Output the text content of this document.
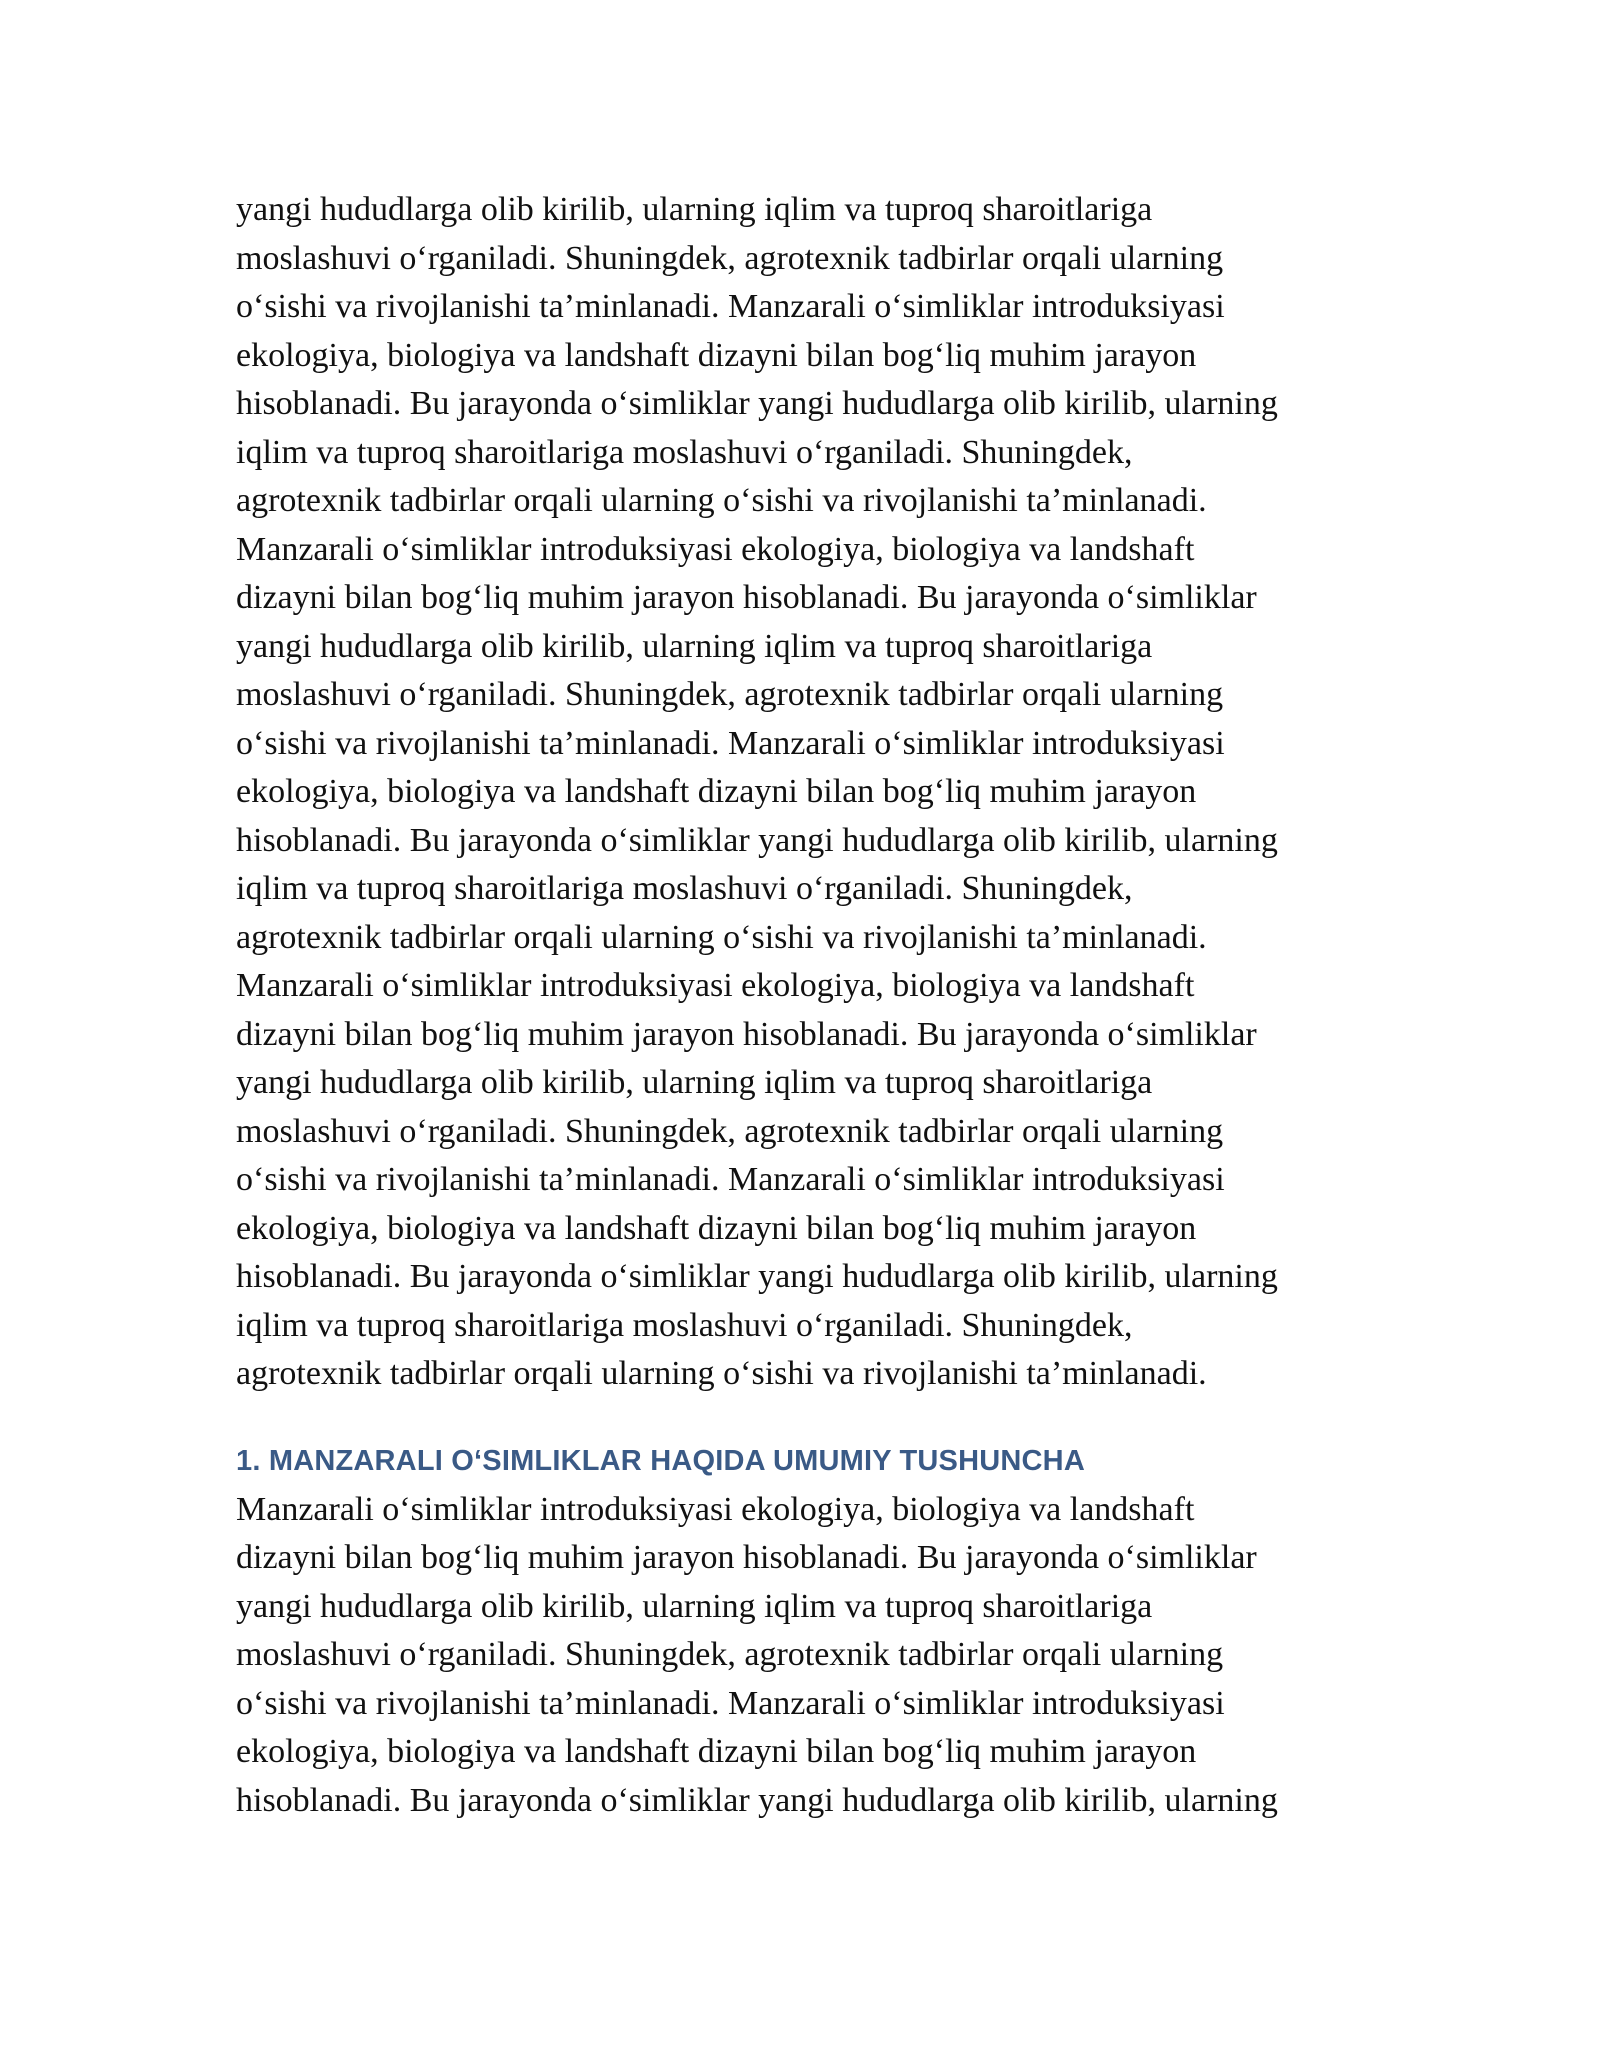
yangi hududlarga olib kirilib, ularning iqlim va tuproq sharoitlariga
moslashuvi o‘rganiladi. Shuningdek, agrotexnik tadbirlar orqali ularning
o‘sishi va rivojlanishi ta’minlanadi. Manzarali o‘simliklar introduksiyasi
ekologiya, biologiya va landshaft dizayni bilan bog‘liq muhim jarayon
hisoblanadi. Bu jarayonda o‘simliklar yangi hududlarga olib kirilib, ularning
iqlim va tuproq sharoitlariga moslashuvi o‘rganiladi. Shuningdek,
agrotexnik tadbirlar orqali ularning o‘sishi va rivojlanishi ta’minlanadi.
Manzarali o‘simliklar introduksiyasi ekologiya, biologiya va landshaft
dizayni bilan bog‘liq muhim jarayon hisoblanadi. Bu jarayonda o‘simliklar
yangi hududlarga olib kirilib, ularning iqlim va tuproq sharoitlariga
moslashuvi o‘rganiladi. Shuningdek, agrotexnik tadbirlar orqali ularning
o‘sishi va rivojlanishi ta’minlanadi. Manzarali o‘simliklar introduksiyasi
ekologiya, biologiya va landshaft dizayni bilan bog‘liq muhim jarayon
hisoblanadi. Bu jarayonda o‘simliklar yangi hududlarga olib kirilib, ularning
iqlim va tuproq sharoitlariga moslashuvi o‘rganiladi. Shuningdek,
agrotexnik tadbirlar orqali ularning o‘sishi va rivojlanishi ta’minlanadi.
Manzarali o‘simliklar introduksiyasi ekologiya, biologiya va landshaft
dizayni bilan bog‘liq muhim jarayon hisoblanadi. Bu jarayonda o‘simliklar
yangi hududlarga olib kirilib, ularning iqlim va tuproq sharoitlariga
moslashuvi o‘rganiladi. Shuningdek, agrotexnik tadbirlar orqali ularning
o‘sishi va rivojlanishi ta’minlanadi. Manzarali o‘simliklar introduksiyasi
ekologiya, biologiya va landshaft dizayni bilan bog‘liq muhim jarayon
hisoblanadi. Bu jarayonda o‘simliklar yangi hududlarga olib kirilib, ularning
iqlim va tuproq sharoitlariga moslashuvi o‘rganiladi. Shuningdek,
agrotexnik tadbirlar orqali ularning o‘sishi va rivojlanishi ta’minlanadi.
1. MANZARALI O‘SIMLIKLAR HAQIDA UMUMIY TUSHUNCHA
Manzarali o‘simliklar introduksiyasi ekologiya, biologiya va landshaft
dizayni bilan bog‘liq muhim jarayon hisoblanadi. Bu jarayonda o‘simliklar
yangi hududlarga olib kirilib, ularning iqlim va tuproq sharoitlariga
moslashuvi o‘rganiladi. Shuningdek, agrotexnik tadbirlar orqali ularning
o‘sishi va rivojlanishi ta’minlanadi. Manzarali o‘simliklar introduksiyasi
ekologiya, biologiya va landshaft dizayni bilan bog‘liq muhim jarayon
hisoblanadi. Bu jarayonda o‘simliklar yangi hududlarga olib kirilib, ularning
